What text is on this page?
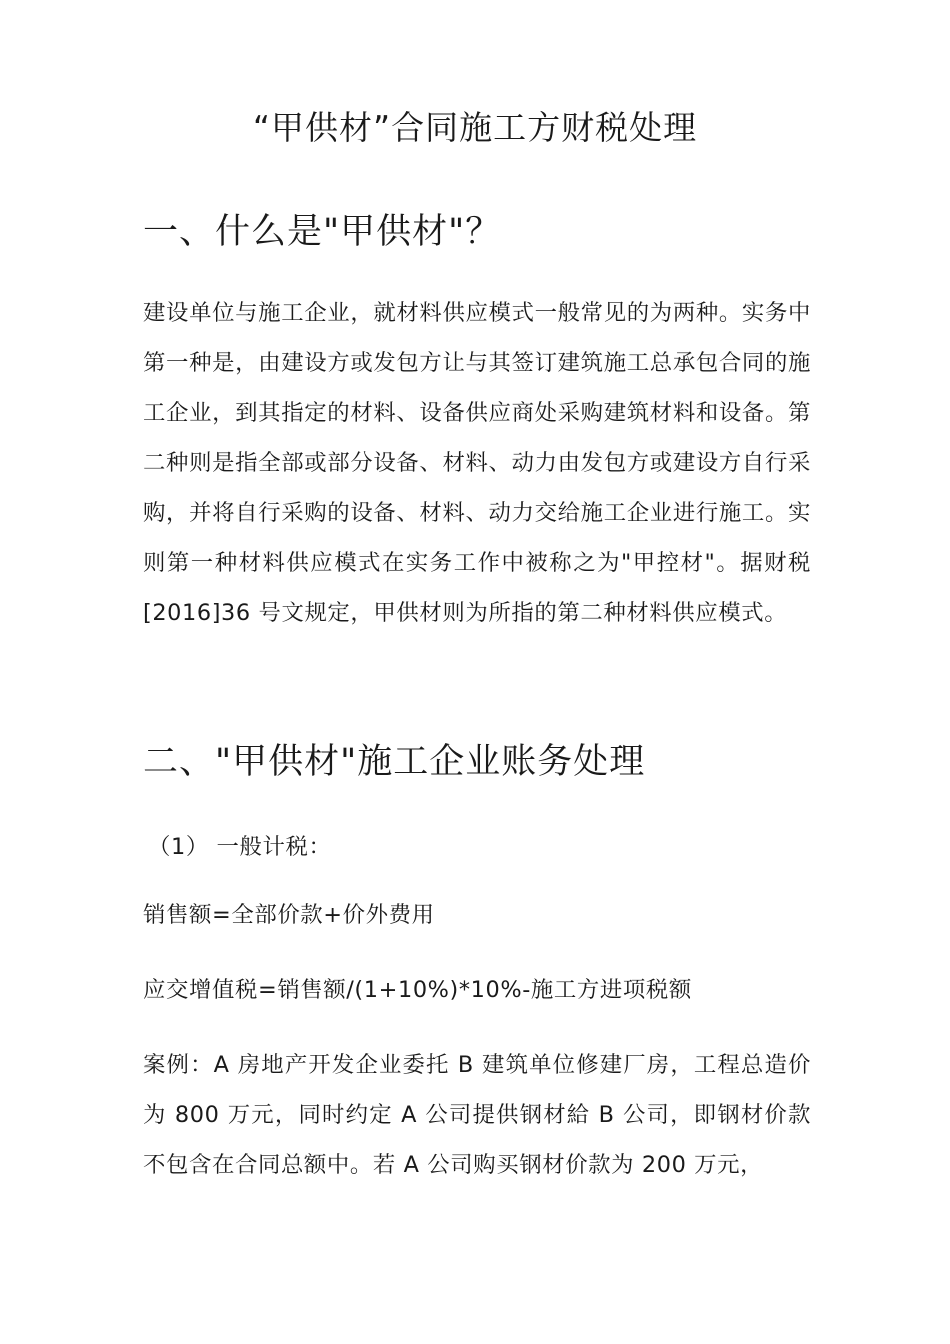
“甲供材”合同施工方财税处理
一、什么是"甲供材"？

建设单位与施工企业，就材料供应模式一般常见的为两种。实务中第一种是，由建设方或发包方让与其签订建筑施工总承包合同的施工企业，到其指定的材料、设备供应商处采购建筑材料和设备。第二种则是指全部或部分设备、材料、动力由发包方或建设方自行采购，并将自行采购的设备、材料、动力交给施工企业进行施工。实则第一种材料供应模式在实务工作中被称之为"甲控材"。据财税[2016]36 号文规定，甲供材则为所指的第二种材料供应模式。

二、"甲供材"施工企业账务处理

（1） 一般计税：

销售额=全部价款+价外费用

应交增值税=销售额/(1+10%)*10%-施工方进项税额

案例：A 房地产开发企业委托 B 建筑单位修建厂房，工程总造价为 800 万元，同时约定 A 公司提供钢材給 B 公司，即钢材价款不包含在合同总额中。若 A 公司购买钢材价款为 200 万元，
